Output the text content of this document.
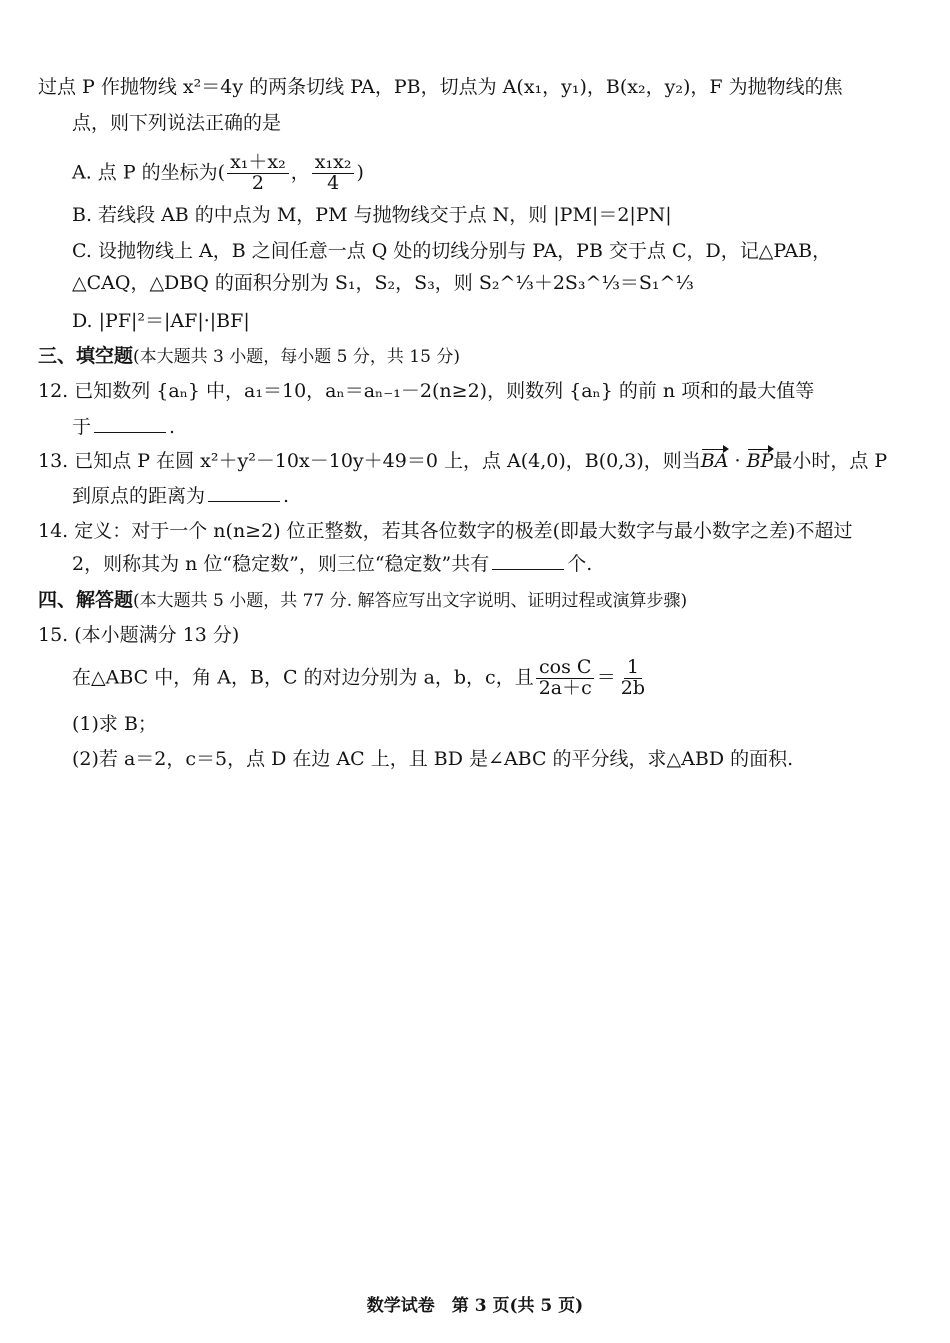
过点 P 作抛物线 x²＝4y 的两条切线 PA，PB，切点为 A(x₁，y₁)，B(x₂，y₂)，F 为抛物线的焦
点，则下列说法正确的是
A. 点 P 的坐标为( $\frac{\text{x₁＋x₂}}{2}$ ， $\frac{\text{x₁x₂}}{4}$ )
B. 若线段 AB 的中点为 M，PM 与抛物线交于点 N，则 |PM|＝2|PN|
C. 设抛物线上 A，B 之间任意一点 Q 处的切线分别与 PA，PB 交于点 C，D，记△PAB，
△CAQ，△DBQ 的面积分别为 S₁，S₂，S₃，则 S₂^⅓＋2S₃^⅓＝S₁^⅓
D. |PF|²＝|AF|·|BF|
三、填空题(本大题共 3 小题，每小题 5 分，共 15 分)
12. 已知数列 {aₙ} 中，a₁＝10，aₙ＝aₙ₋₁－2(n≥2)，则数列 {aₙ} 的前 n 项和的最大值等
于	.
13. 已知点 P 在圆 x²＋y²－10x－10y＋49＝0 上，点 A(4,0)，B(0,3)，则当BA · BP最小时，点 P
到原点的距离为	.
14. 定义：对于一个 n(n≥2) 位正整数，若其各位数字的极差(即最大数字与最小数字之差)不超过
2，则称其为 n 位“稳定数”，则三位“稳定数”共有	个.
四、解答题(本大题共 5 小题，共 77 分. 解答应写出文字说明、证明过程或演算步骤)
15. (本小题满分 13 分)
在△ABC 中，角 A，B，C 的对边分别为 a，b，c，且 $\frac{\text{cos C}}{2a+c} = \frac{1}{2b}$
(1)求 B；
(2)若 a＝2，c＝5，点 D 在边 AC 上，且 BD 是∠ABC 的平分线，求△ABD 的面积.
数学试卷　第 3 页(共 5 页)
